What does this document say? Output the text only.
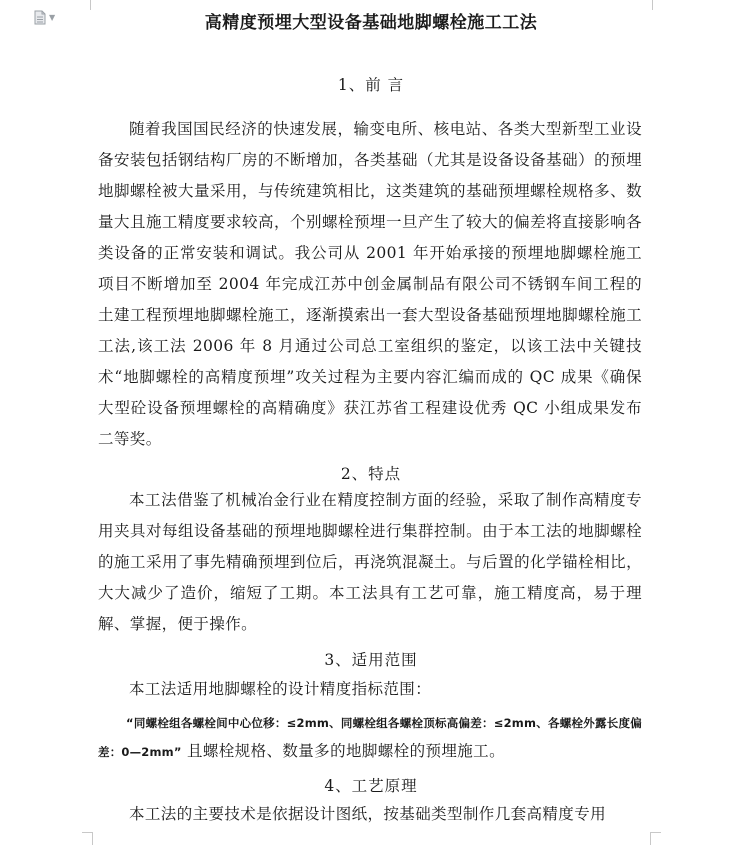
▼	高精度预埋大型设备基础地脚螺栓施工工法
1、前 言

随着我国国民经济的快速发展，输变电所、核电站、各类大型新型工业设备安装包括钢结构厂房的不断增加，各类基础（尤其是设备设备基础）的预埋地脚螺栓被大量采用，与传统建筑相比，这类建筑的基础预埋螺栓规格多、数量大且施工精度要求较高，个别螺栓预埋一旦产生了较大的偏差将直接影响各类设备的正常安装和调试。我公司从 2001 年开始承接的预埋地脚螺栓施工项目不断增加至 2004 年完成江苏中创金属制品有限公司不锈钢车间工程的土建工程预埋地脚螺栓施工，逐渐摸索出一套大型设备基础预埋地脚螺栓施工工法,该工法 2006 年 8 月通过公司总工室组织的鉴定，以该工法中关键技术“地脚螺栓的高精度预埋”攻关过程为主要内容汇编而成的 QC 成果《确保大型砼设备预埋螺栓的高精确度》获江苏省工程建设优秀 QC 小组成果发布二等奖。

2、特点

本工法借鉴了机械冶金行业在精度控制方面的经验，采取了制作高精度专用夹具对每组设备基础的预埋地脚螺栓进行集群控制。由于本工法的地脚螺栓的施工采用了事先精确预埋到位后，再浇筑混凝土。与后置的化学锚栓相比，大大减少了造价，缩短了工期。本工法具有工艺可靠，施工精度高，易于理解、掌握，便于操作。

3、适用范围

本工法适用地脚螺栓的设计精度指标范围：

“同螺栓组各螺栓间中心位移：≤2mm、同螺栓组各螺栓顶标高偏差：≤2mm、各螺栓外露长度偏差：0—2mm” 且螺栓规格、数量多的地脚螺栓的预埋施工。

4、工艺原理

本工法的主要技术是依据设计图纸，按基础类型制作几套高精度专用
